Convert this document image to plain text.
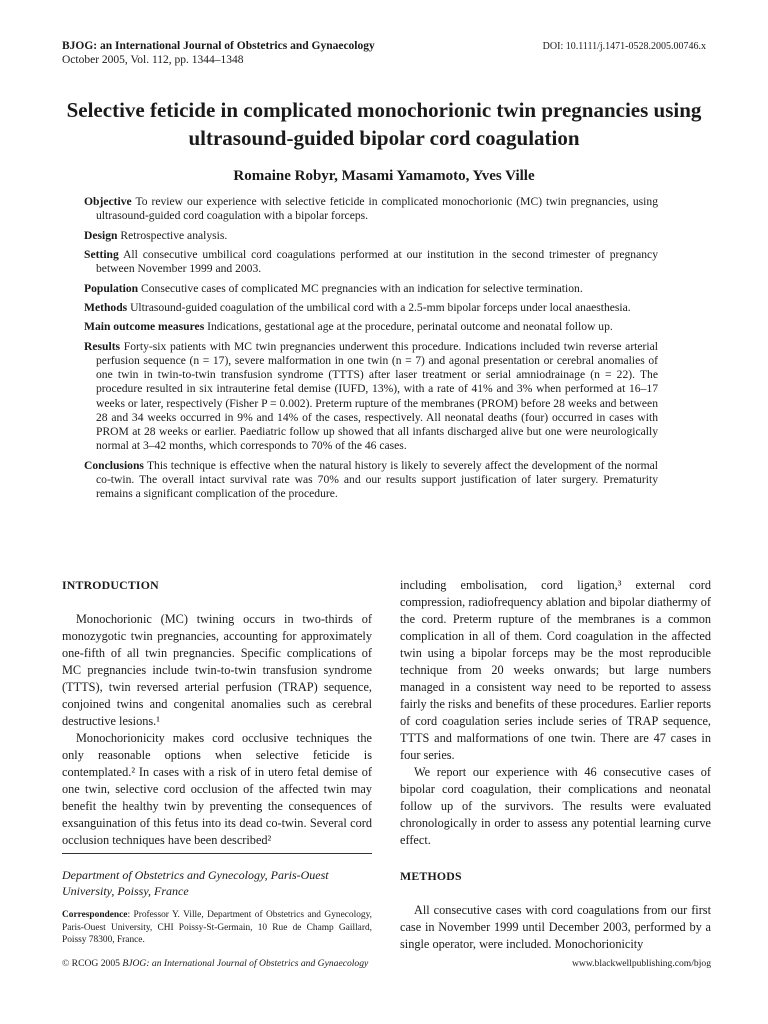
BJOG: an International Journal of Obstetrics and Gynaecology
October 2005, Vol. 112, pp. 1344–1348
DOI: 10.1111/j.1471-0528.2005.00746.x
Selective feticide in complicated monochorionic twin pregnancies using ultrasound-guided bipolar cord coagulation
Romaine Robyr, Masami Yamamoto, Yves Ville

Objective To review our experience with selective feticide in complicated monochorionic (MC) twin pregnancies, using ultrasound-guided cord coagulation with a bipolar forceps.

Design Retrospective analysis.

Setting All consecutive umbilical cord coagulations performed at our institution in the second trimester of pregnancy between November 1999 and 2003.

Population Consecutive cases of complicated MC pregnancies with an indication for selective termination.

Methods Ultrasound-guided coagulation of the umbilical cord with a 2.5-mm bipolar forceps under local anaesthesia.

Main outcome measures Indications, gestational age at the procedure, perinatal outcome and neonatal follow up.

Results Forty-six patients with MC twin pregnancies underwent this procedure. Indications included twin reverse arterial perfusion sequence (n = 17), severe malformation in one twin (n = 7) and agonal presentation or cerebral anomalies of one twin in twin-to-twin transfusion syndrome (TTTS) after laser treatment or serial amniodrainage (n = 22). The procedure resulted in six intrauterine fetal demise (IUFD, 13%), with a rate of 41% and 3% when performed at 16–17 weeks or later, respectively (Fisher P = 0.002). Preterm rupture of the membranes (PROM) before 28 weeks and between 28 and 34 weeks occurred in 9% and 14% of the cases, respectively. All neonatal deaths (four) occurred in cases with PROM at 28 weeks or earlier. Paediatric follow up showed that all infants discharged alive but one were neurologically normal at 3–42 months, which corresponds to 70% of the 46 cases.

Conclusions This technique is effective when the natural history is likely to severely affect the development of the normal co-twin. The overall intact survival rate was 70% and our results support justification of later surgery. Prematurity remains a significant complication of the procedure.

INTRODUCTION

Monochorionic (MC) twining occurs in two-thirds of monozygotic twin pregnancies, accounting for approximately one-fifth of all twin pregnancies. Specific complications of MC pregnancies include twin-to-twin transfusion syndrome (TTTS), twin reversed arterial perfusion (TRAP) sequence, conjoined twins and congenital anomalies such as cerebral destructive lesions.¹

Monochorionicity makes cord occlusive techniques the only reasonable options when selective feticide is contemplated.² In cases with a risk of in utero fetal demise of one twin, selective cord occlusion of the affected twin may benefit the healthy twin by preventing the consequences of exsanguination of this fetus into its dead co-twin. Several cord occlusion techniques have been described²

including embolisation, cord ligation,³ external cord compression, radiofrequency ablation and bipolar diathermy of the cord. Preterm rupture of the membranes is a common complication in all of them. Cord coagulation in the affected twin using a bipolar forceps may be the most reproducible technique from 20 weeks onwards; but large numbers managed in a consistent way need to be reported to assess fairly the risks and benefits of these procedures. Earlier reports of cord coagulation series include series of TRAP sequence, TTTS and malformations of one twin. There are 47 cases in four series.

We report our experience with 46 consecutive cases of bipolar cord coagulation, their complications and neonatal follow up of the survivors. The results were evaluated chronologically in order to assess any potential learning curve effect.

METHODS

All consecutive cases with cord coagulations from our first case in November 1999 until December 2003, performed by a single operator, were included. Monochorionicity

Department of Obstetrics and Gynecology, Paris-Ouest University, Poissy, France
Correspondence: Professor Y. Ville, Department of Obstetrics and Gynecology, Paris-Ouest University, CHI Poissy-St-Germain, 10 Rue de Champ Gaillard, Poissy 78300, France.
© RCOG 2005 BJOG: an International Journal of Obstetrics and Gynaecology	www.blackwellpublishing.com/bjog
